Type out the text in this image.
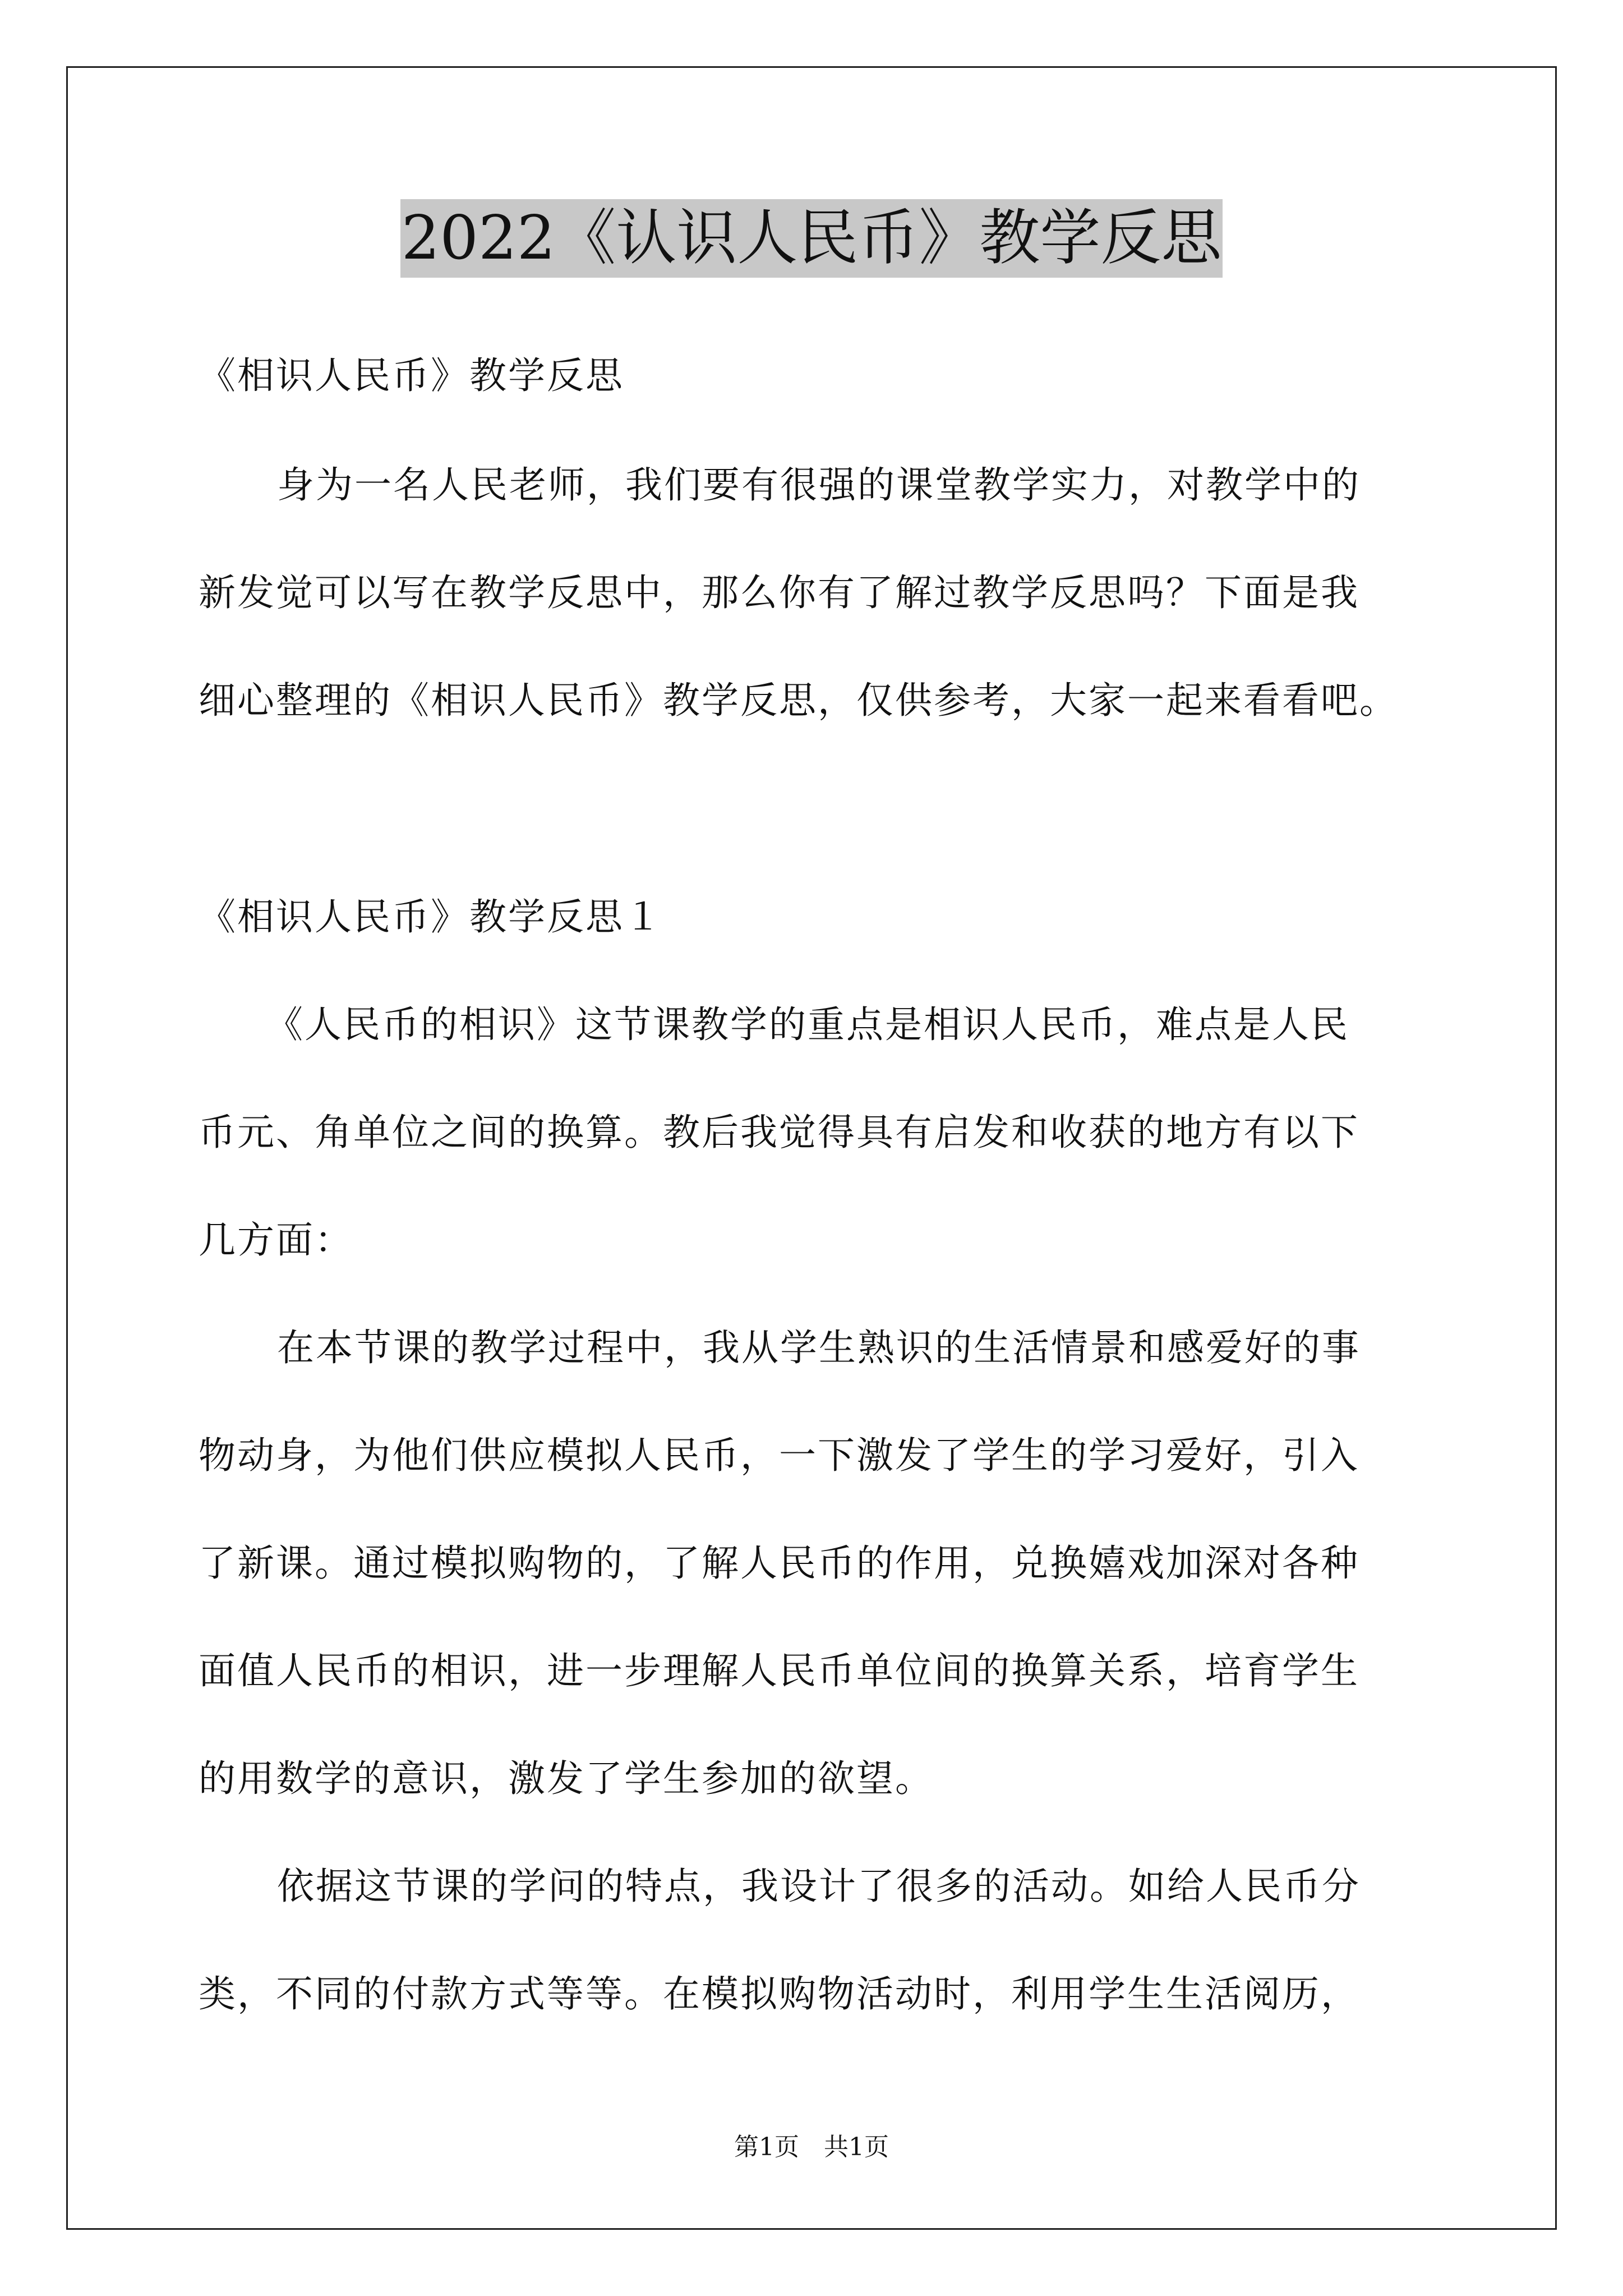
2022《认识人民币》教学反思
《相识人民币》教学反思
身为一名人民老师，我们要有很强的课堂教学实力，对教学中的
新发觉可以写在教学反思中，那么你有了解过教学反思吗？下面是我
细心整理的《相识人民币》教学反思，仅供参考，大家一起来看看吧。
《相识人民币》教学反思１
《人民币的相识》这节课教学的重点是相识人民币，难点是人民
币元、角单位之间的换算。教后我觉得具有启发和收获的地方有以下
几方面：
在本节课的教学过程中，我从学生熟识的生活情景和感爱好的事
物动身，为他们供应模拟人民币，一下激发了学生的学习爱好，引入
了新课。通过模拟购物的，了解人民币的作用，兑换嬉戏加深对各种
面值人民币的相识，进一步理解人民币单位间的换算关系，培育学生
的用数学的意识，激发了学生参加的欲望。
依据这节课的学问的特点，我设计了很多的活动。如给人民币分
类，不同的付款方式等等。在模拟购物活动时，利用学生生活阅历，
第1页　共1页
